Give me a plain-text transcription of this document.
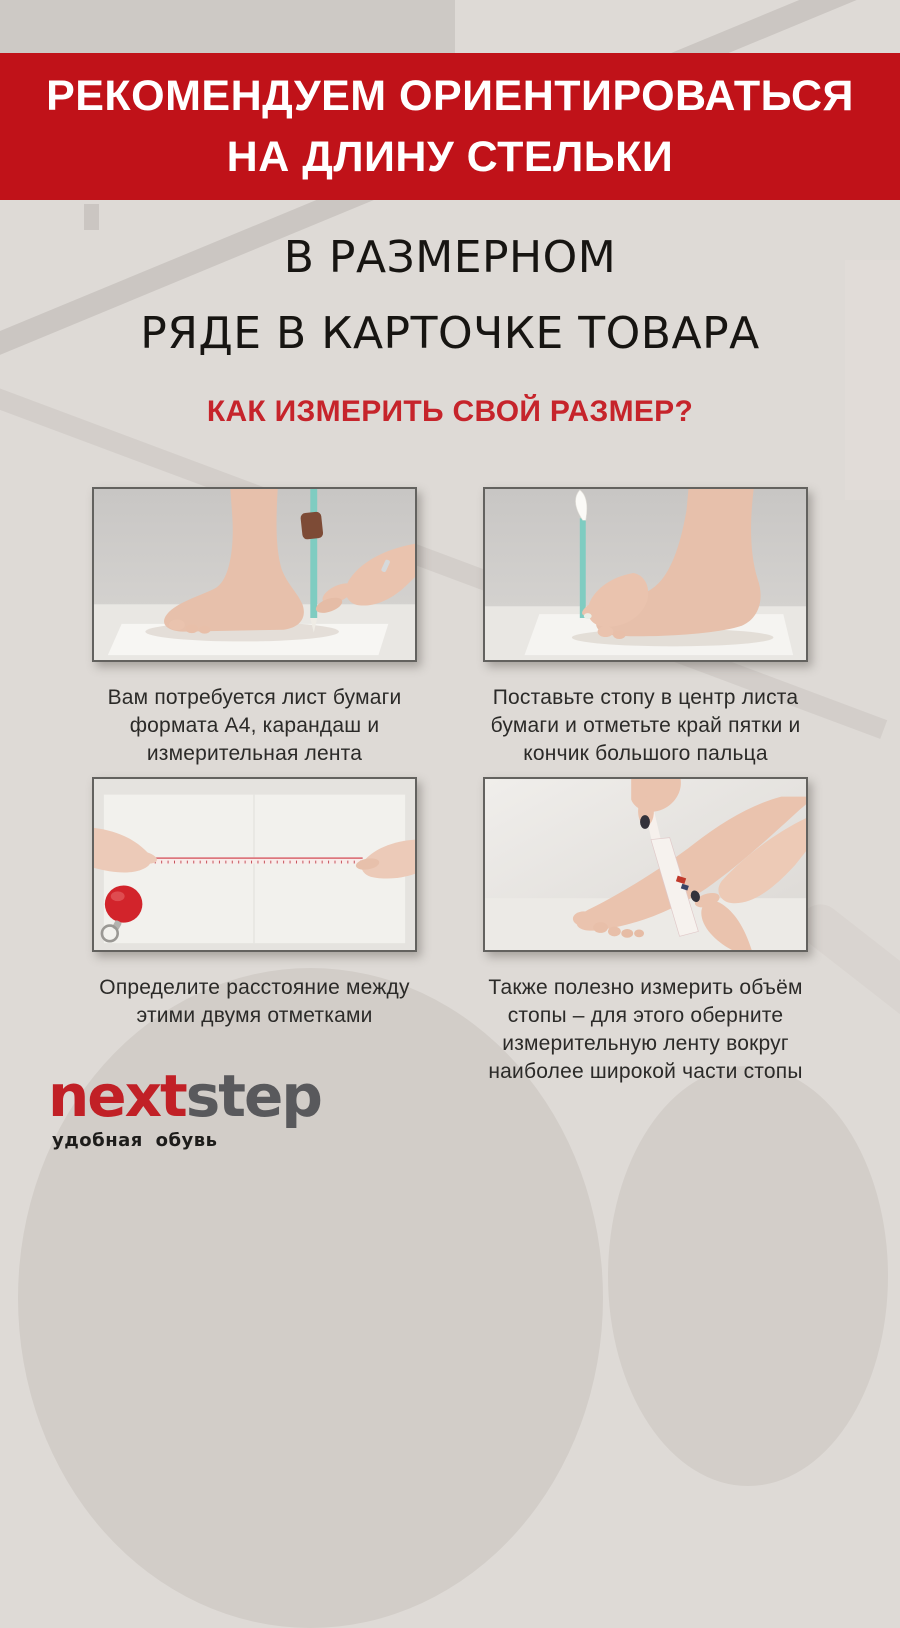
РЕКОМЕНДУЕМ ОРИЕНТИРОВАТЬСЯ
НА ДЛИНУ СТЕЛЬКИ
В РАЗМЕРНОМ
РЯДЕ В КАРТОЧКЕ ТОВАРА
КАК ИЗМЕРИТЬ СВОЙ РАЗМЕР?

Вам потребуется лист бумаги формата А4, карандаш и измерительная лента

Поставьте стопу в центр листа бумаги и отметьте край пятки и кончик большого пальца

Определите расстояние между этими двумя отметками

Также полезно измерить объём стопы – для этого оберните измерительную ленту вокруг наиболее широкой части стопы

nextstep
удобная обувь
